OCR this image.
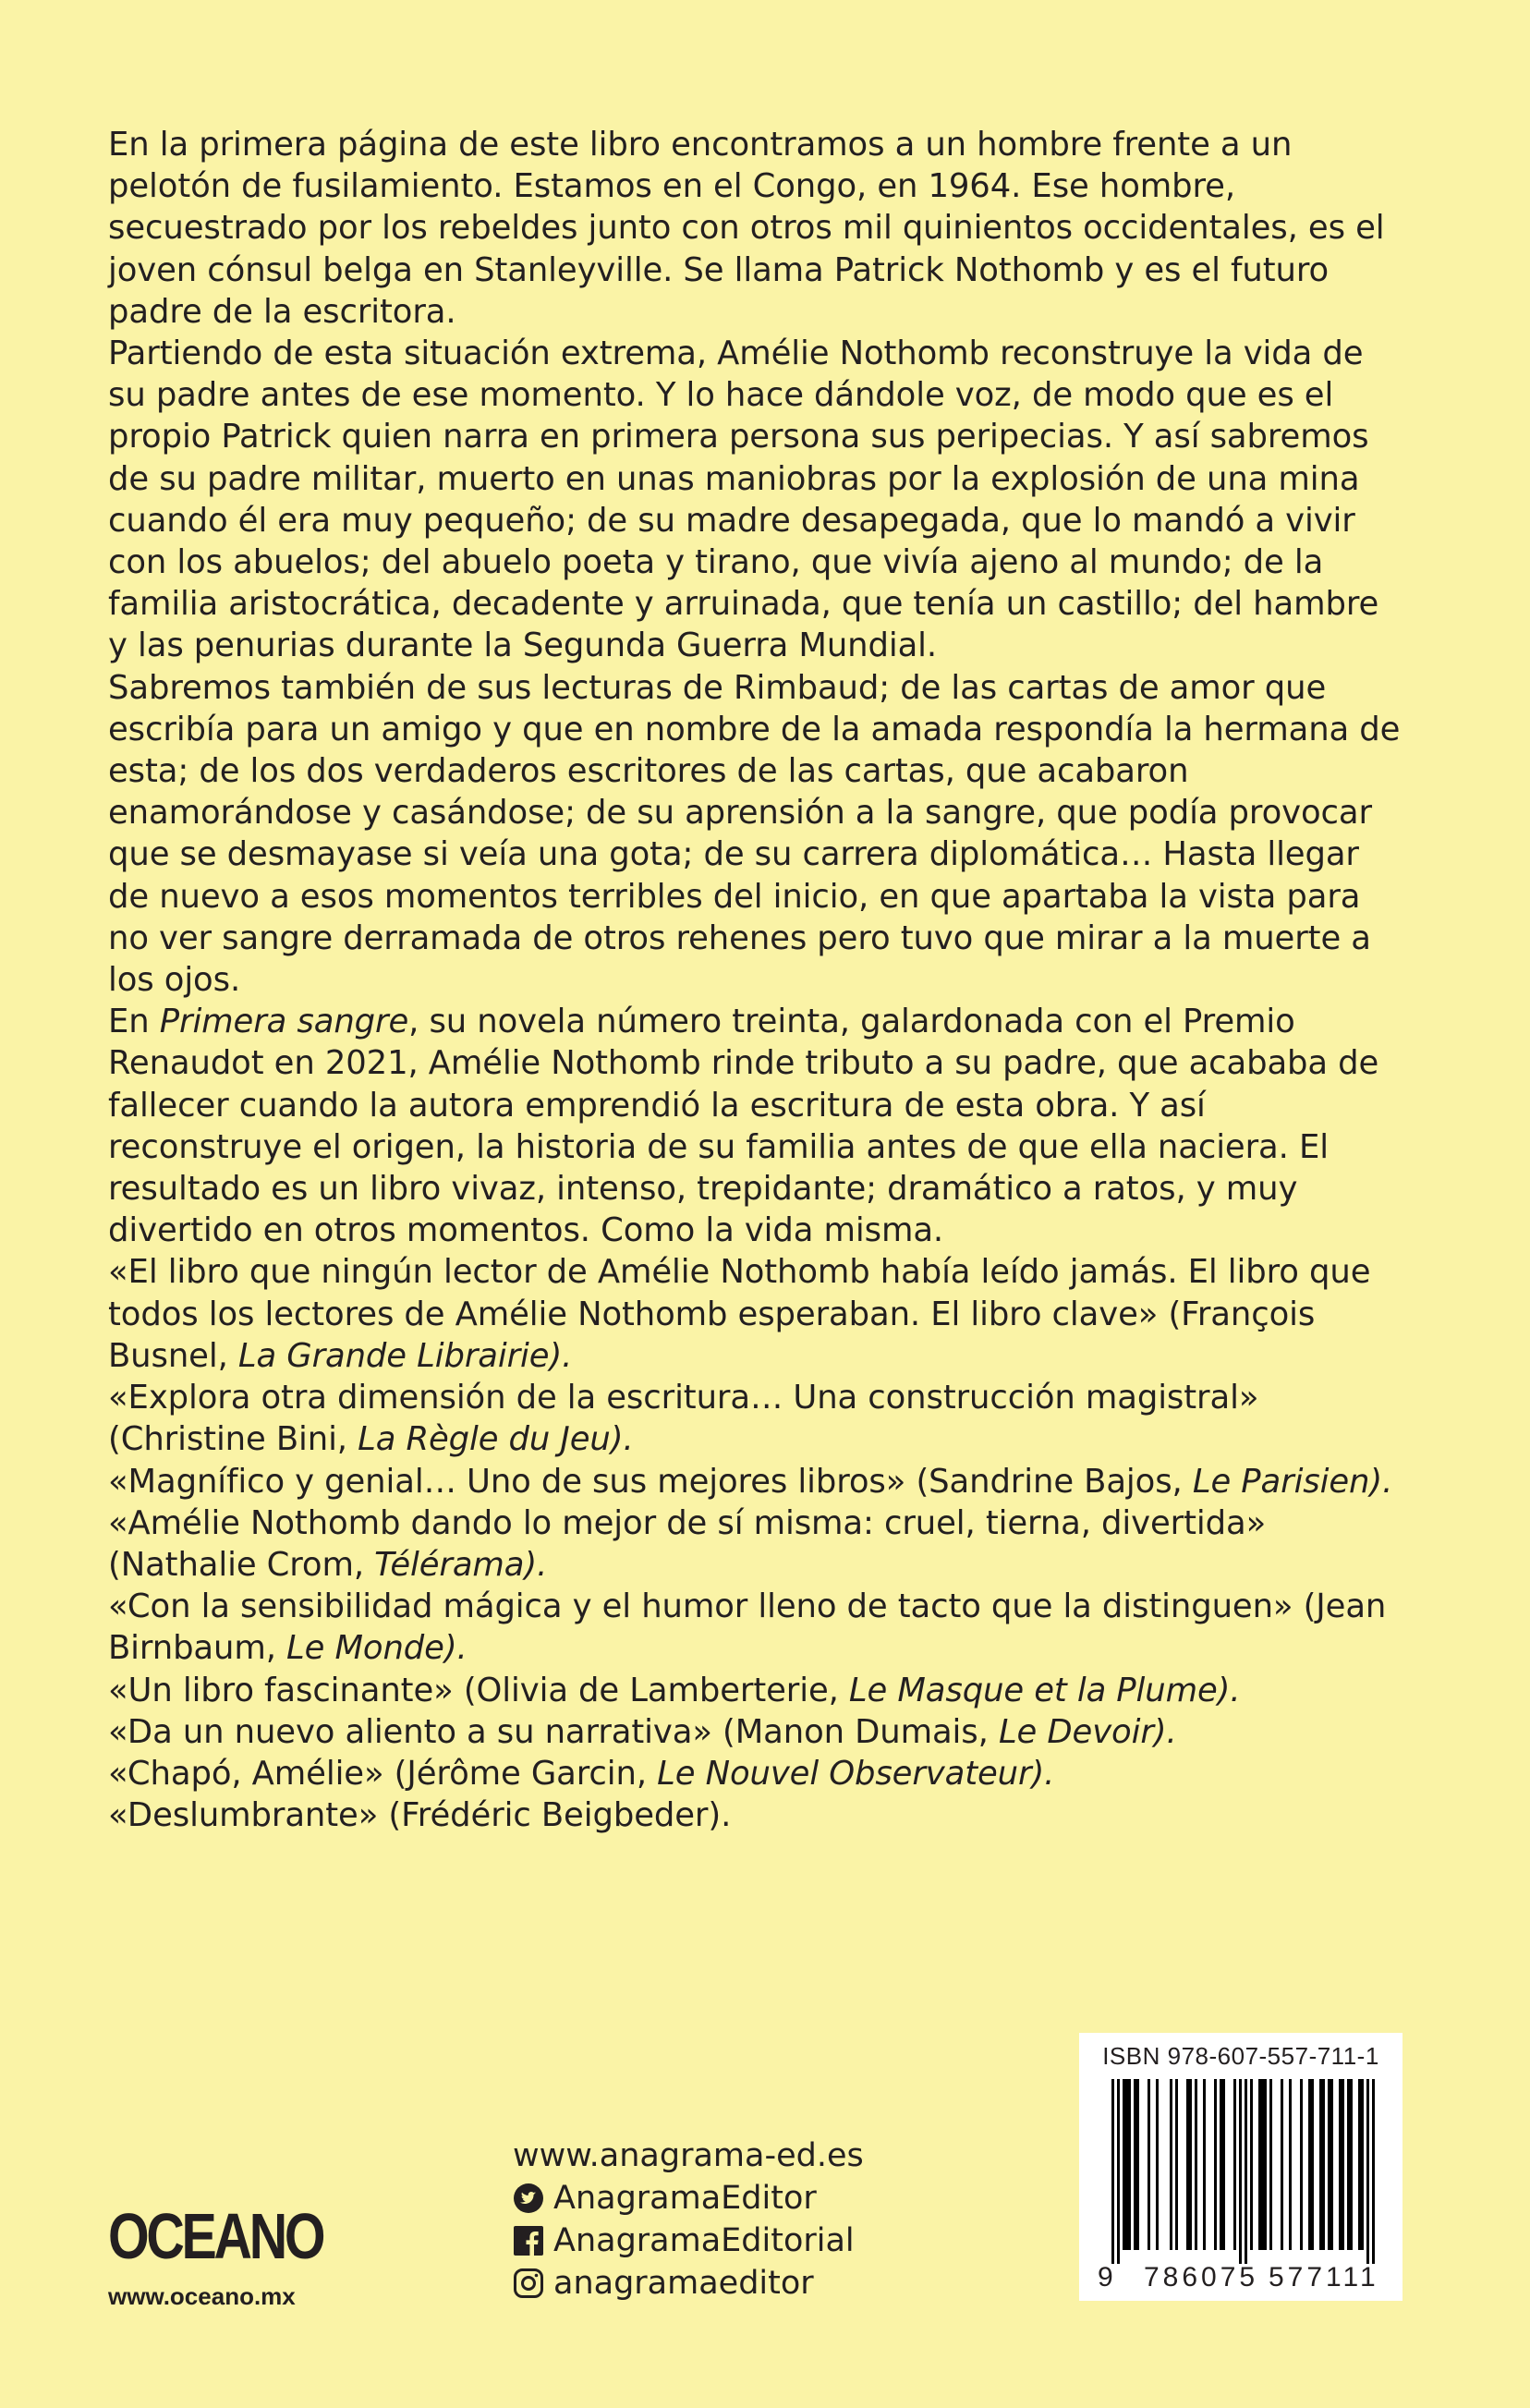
En la primera página de este libro encontramos a un hombre frente a un pelotón de fusilamiento. Estamos en el Congo, en 1964. Ese hombre, secuestrado por los rebeldes junto con otros mil quinientos occidentales, es el joven cónsul belga en Stanleyville. Se llama Patrick Nothomb y es el futuro padre de la escritora.

Partiendo de esta situación extrema, Amélie Nothomb reconstruye la vida de su padre antes de ese momento. Y lo hace dándole voz, de modo que es el propio Patrick quien narra en primera persona sus peripecias. Y así sabremos de su padre militar, muerto en unas maniobras por la explosión de una mina cuando él era muy pequeño; de su madre desapegada, que lo mandó a vivir con los abuelos; del abuelo poeta y tirano, que vivía ajeno al mundo; de la familia aristocrática, decadente y arruinada, que tenía un castillo; del hambre y las penurias durante la Segunda Guerra Mundial.

Sabremos también de sus lecturas de Rimbaud; de las cartas de amor que escribía para un amigo y que en nombre de la amada respondía la hermana de esta; de los dos verdaderos escritores de las cartas, que acabaron enamorándose y casándose; de su aprensión a la sangre, que podía provocar que se desmayase si veía una gota; de su carrera diplomática… Hasta llegar de nuevo a esos momentos terribles del inicio, en que apartaba la vista para no ver sangre derramada de otros rehenes pero tuvo que mirar a la muerte a los ojos.

En Primera sangre, su novela número treinta, galardonada con el Premio Renaudot en 2021, Amélie Nothomb rinde tributo a su padre, que acababa de fallecer cuando la autora emprendió la escritura de esta obra. Y así reconstruye el origen, la historia de su familia antes de que ella naciera. El resultado es un libro vivaz, intenso, trepidante; dramático a ratos, y muy divertido en otros momentos. Como la vida misma.

«El libro que ningún lector de Amélie Nothomb había leído jamás. El libro que todos los lectores de Amélie Nothomb esperaban. El libro clave» (François Busnel, La Grande Librairie).

«Explora otra dimensión de la escritura… Una construcción magistral» (Christine Bini, La Règle du Jeu).

«Magnífico y genial… Uno de sus mejores libros» (Sandrine Bajos, Le Parisien).

«Amélie Nothomb dando lo mejor de sí misma: cruel, tierna, divertida» (Nathalie Crom, Télérama).

«Con la sensibilidad mágica y el humor lleno de tacto que la distinguen» (Jean Birnbaum, Le Monde).

«Un libro fascinante» (Olivia de Lamberterie, Le Masque et la Plume).

«Da un nuevo aliento a su narrativa» (Manon Dumais, Le Devoir).

«Chapó, Amélie» (Jérôme Garcin, Le Nouvel Observateur).

«Deslumbrante» (Frédéric Beigbeder).

ISBN 978-607-557-711-1
9 786075 577111
OCEANO
www.oceano.mx
www.anagrama-ed.es
AnagramaEditor
AnagramaEditorial
anagramaeditor
